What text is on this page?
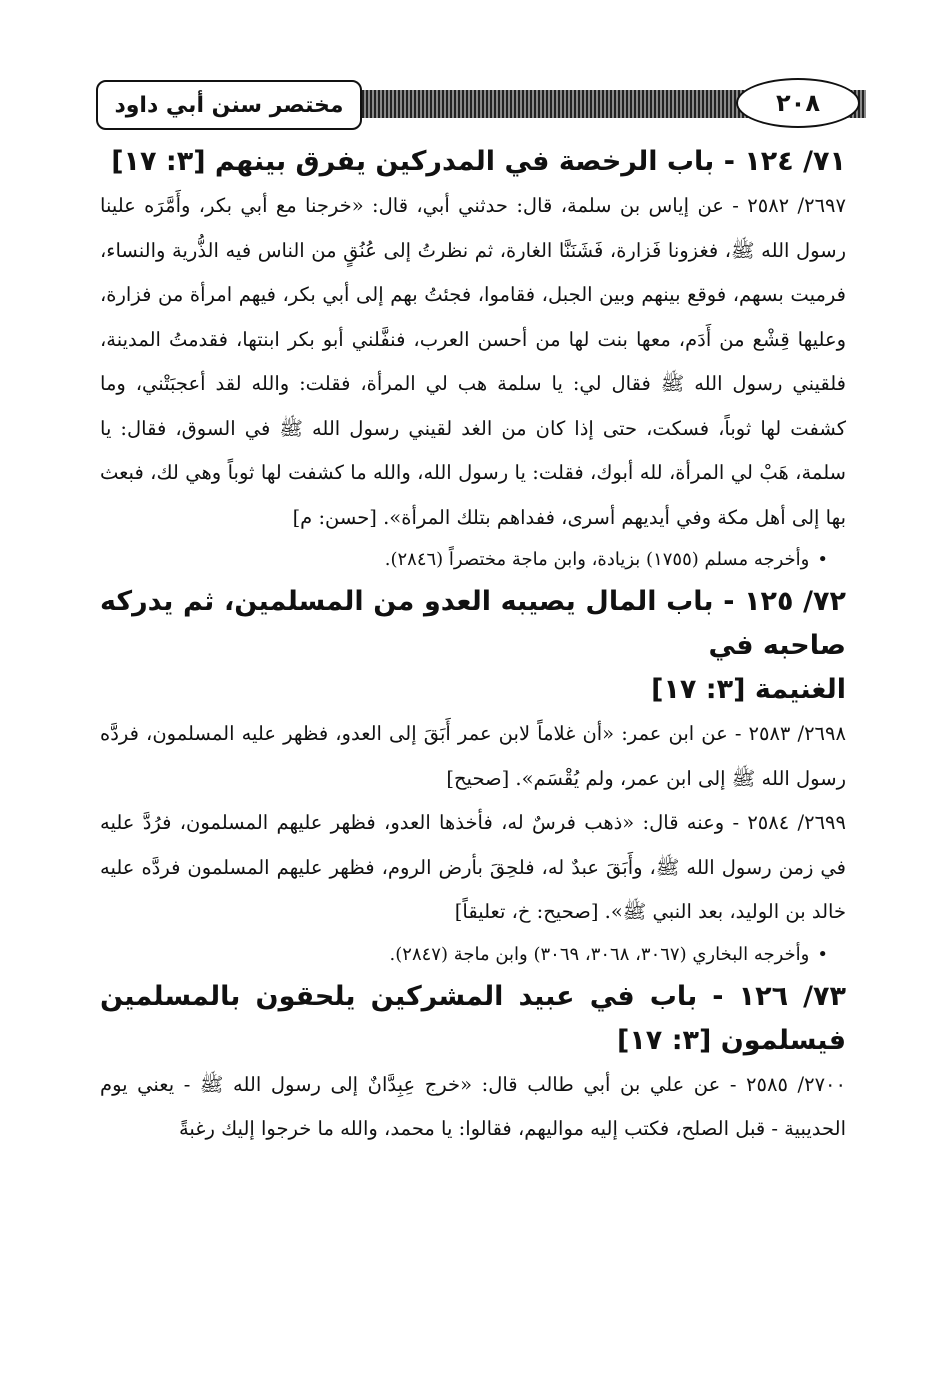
مختصر سنن أبي داود	٢٠٨
٧١/ ١٢٤ - باب الرخصة في المدركين يفرق بينهم [٣: ١٧]

٢٦٩٧/ ٢٥٨٢ - عن إياس بن سلمة، قال: حدثني أبي، قال: «خرجنا مع أبي بكر، وأَمَّرَه علينا رسول الله ﷺ، فغزونا فَزارة، فَشَنَنَّا الغارة، ثم نظرتُ إلى عُنُقٍ من الناس فيه الذُّرية والنساء، فرميت بسهم، فوقع بينهم وبين الجبل، فقاموا، فجئتُ بهم إلى أبي بكر، فيهم امرأة من فزارة، وعليها قِشْع من أَدَم، معها بنت لها من أحسن العرب، فنفَّلني أبو بكر ابنتها، فقدمتُ المدينة، فلقيني رسول الله ﷺ فقال لي: يا سلمة هب لي المرأة، فقلت: والله لقد أعجبَتْني، وما كشفت لها ثوباً، فسكت، حتى إذا كان من الغد لقيني رسول الله ﷺ في السوق، فقال: يا سلمة، هَبْ لي المرأة، لله أبوك، فقلت: يا رسول الله، والله ما كشفت لها ثوباً وهي لك، فبعث بها إلى أهل مكة وفي أيديهم أسرى، ففداهم بتلك المرأة». [حسن: م]

•وأخرجه مسلم (١٧٥٥) بزيادة، وابن ماجة مختصراً (٢٨٤٦).

٧٢/ ١٢٥ - باب المال يصيبه العدو من المسلمين، ثم يدركه صاحبه في
الغنيمة [٣: ١٧]

٢٦٩٨/ ٢٥٨٣ - عن ابن عمر: «أن غلاماً لابن عمر أَبَقَ إلى العدو، فظهر عليه المسلمون، فردَّه رسول الله ﷺ إلى ابن عمر، ولم يُقْسَم». [صحيح]

٢٦٩٩/ ٢٥٨٤ - وعنه قال: «ذهب فرسٌ له، فأخذها العدو، فظهر عليهم المسلمون، فرُدَّ عليه في زمن رسول الله ﷺ، وأَبَقَ عبدٌ له، فلحِقَ بأرض الروم، فظهر عليهم المسلمون فردَّه عليه خالد بن الوليد، بعد النبي ﷺ». [صحيح: خ، تعليقاً]

•وأخرجه البخاري (٣٠٦٧، ٣٠٦٨، ٣٠٦٩) وابن ماجة (٢٨٤٧).

٧٣/ ١٢٦ - باب في عبيد المشركين يلحقون بالمسلمين فيسلمون [٣: ١٧]

٢٧٠٠/ ٢٥٨٥ - عن علي بن أبي طالب قال: «خرج عِبِدَّانٌ إلى رسول الله ﷺ - يعني يوم الحديبية - قبل الصلح، فكتب إليه مواليهم، فقالوا: يا محمد، والله ما خرجوا إليك رغبةً
